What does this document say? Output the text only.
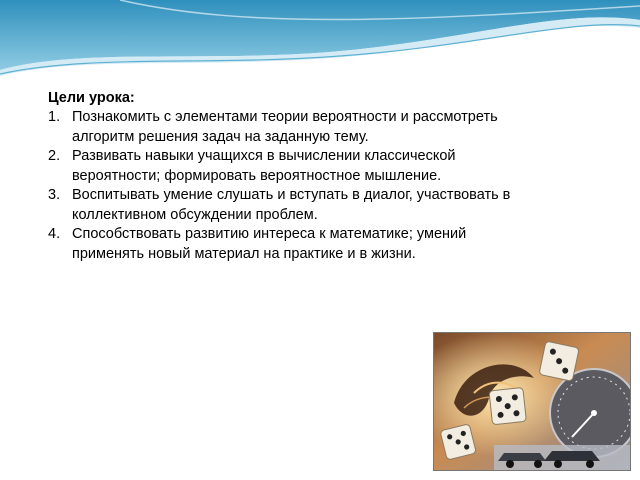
Цели урока:

1. Познакомить с элементами теории вероятности и рассмотреть алгоритм решения задач на заданную тему.
2. Развивать навыки учащихся в вычислении классической вероятности; формировать вероятностное мышление.
3. Воспитывать умение слушать и вступать в диалог, участвовать в коллективном обсуждении проблем.
4. Способствовать развитию интереса к математике; умений применять новый материал на практике и в жизни.
